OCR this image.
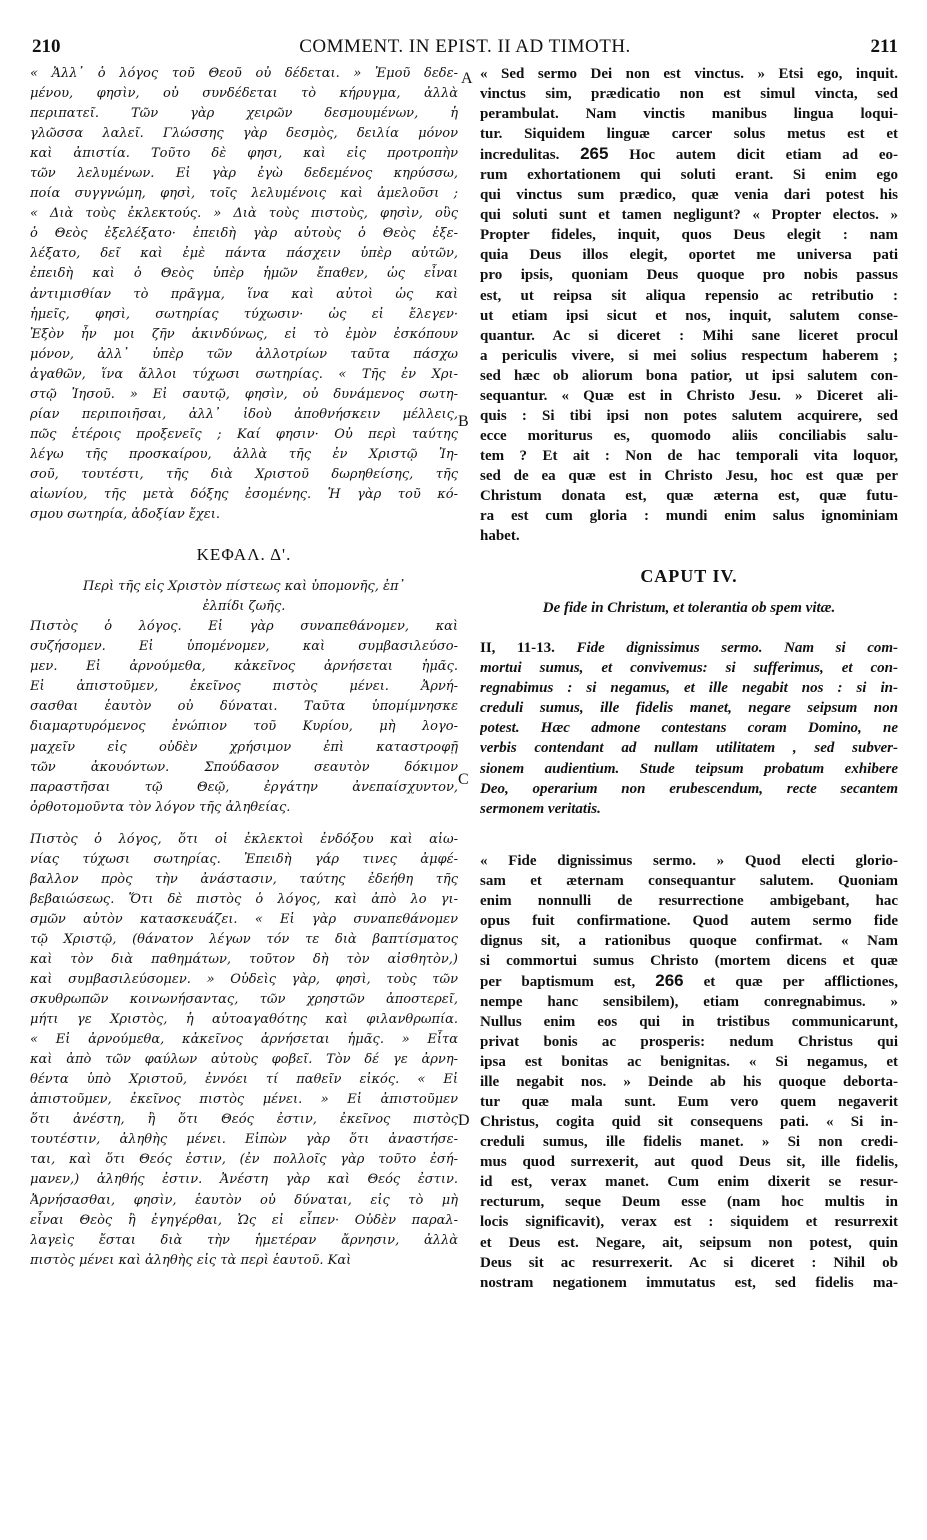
210	COMMENT. IN EPIST. II AD TIMOTH.	211
A
B
C
D
« Ἀλλ᾽ ὁ λόγος τοῦ Θεοῦ οὐ δέδεται. » Ἐμοῦ δεδε-
μένου, φησὶν, οὐ συνδέδεται τὸ κήρυγμα, ἀλλὰ
περιπατεῖ. Τῶν γὰρ χειρῶν δεσμουμένων, ἡ
γλῶσσα λαλεῖ. Γλώσσης γὰρ δεσμὸς, δειλία μόνον
καὶ ἀπιστία. Τοῦτο δὲ φησι, καὶ εἰς προτροπὴν
τῶν λελυμένων. Εἰ γὰρ ἐγὼ δεδεμένος κηρύσσω,
ποία συγγνώμη, φησὶ, τοῖς λελυμένοις καὶ ἀμελοῦσι ;
« Διὰ τοὺς ἐκλεκτούς. » Διὰ τοὺς πιστοὺς, φησὶν, οὓς
ὁ Θεὸς ἐξελέξατο· ἐπειδὴ γὰρ αὐτοὺς ὁ Θεὸς ἐξε-
λέξατο, δεῖ καὶ ἐμὲ πάντα πάσχειν ὑπὲρ αὐτῶν,
ἐπειδὴ καὶ ὁ Θεὸς ὑπὲρ ἡμῶν ἔπαθεν, ὡς εἶναι
ἀντιμισθίαν τὸ πρᾶγμα, ἵνα καὶ αὐτοὶ ὡς καὶ
ἡμεῖς, φησὶ, σωτηρίας τύχωσιν· ὡς εἰ ἔλεγεν·
Ἐξὸν ἦν μοι ζῆν ἀκινδύνως, εἰ τὸ ἐμὸν ἐσκόπουν
μόνον, ἀλλ᾽ ὑπὲρ τῶν ἀλλοτρίων ταῦτα πάσχω
ἀγαθῶν, ἵνα ἄλλοι τύχωσι σωτηρίας. « Τῆς ἐν Χρι-
στῷ Ἰησοῦ. » Εἰ σαυτῷ, φησὶν, οὐ δυνάμενος σωτη-
ρίαν περιποιῆσαι, ἀλλ᾽ ἰδοὺ ἀποθνήσκειν μέλλεις,
πῶς ἑτέροις προξενεῖς ; Καί φησιν· Οὐ περὶ ταύτης
λέγω τῆς προσκαίρου, ἀλλὰ τῆς ἐν Χριστῷ Ἰη-
σοῦ, τουτέστι, τῆς διὰ Χριστοῦ δωρηθείσης, τῆς
αἰωνίου, τῆς μετὰ δόξης ἐσομένης. Ἡ γὰρ τοῦ κό-
σμου σωτηρία, ἀδοξίαν ἔχει.
ΚΕΦΑΛ. Δ'.
Περὶ τῆς εἰς Χριστὸν πίστεως καὶ ὑπομονῆς, ἐπ᾽
ἐλπίδι ζωῆς.
Πιστὸς ὁ λόγος. Εἰ γὰρ συναπεθάνομεν, καὶ
συζήσομεν. Εἰ ὑπομένομεν, καὶ συμβασιλεύσο-
μεν. Εἰ ἀρνούμεθα, κἀκεῖνος ἀρνήσεται ἡμᾶς.
Εἰ ἀπιστοῦμεν, ἐκεῖνος πιστὸς μένει. Ἀρνή-
σασθαι ἑαυτὸν οὐ δύναται. Ταῦτα ὑπομίμνησκε
διαμαρτυρόμενος ἐνώπιον τοῦ Κυρίου, μὴ λογο-
μαχεῖν εἰς οὐδὲν χρήσιμον ἐπὶ καταστροφῇ
τῶν ἀκουόντων. Σπούδασον σεαυτὸν δόκιμον
παραστῆσαι τῷ Θεῷ, ἐργάτην ἀνεπαίσχυντον,
ὀρθοτομοῦντα τὸν λόγον τῆς ἀληθείας.
Πιστὸς ὁ λόγος, ὅτι οἱ ἐκλεκτοὶ ἐνδόξου καὶ αἰω-
νίας τύχωσι σωτηρίας. Ἐπειδὴ γάρ τινες ἀμφέ-
βαλλον πρὸς τὴν ἀνάστασιν, ταύτης ἐδεήθη τῆς
βεβαιώσεως. Ὅτι δὲ πιστὸς ὁ λόγος, καὶ ἀπὸ λο γι-
σμῶν αὐτὸν κατασκευάζει. « Εἰ γὰρ συναπεθάνομεν
τῷ Χριστῷ, (θάνατον λέγων τόν τε διὰ βαπτίσματος
καὶ τὸν διὰ παθημάτων, τοῦτον δὴ τὸν αἰσθητὸν,)
καὶ συμβασιλεύσομεν. » Οὐδεὶς γὰρ, φησὶ, τοὺς τῶν
σκυθρωπῶν κοινωνήσαντας, τῶν χρηστῶν ἀποστερεῖ,
μήτι γε Χριστὸς, ἡ αὐτοαγαθότης καὶ φιλανθρωπία.
« Εἰ ἀρνούμεθα, κἀκεῖνος ἀρνήσεται ἡμᾶς. » Εἶτα
καὶ ἀπὸ τῶν φαύλων αὐτοὺς φοβεῖ. Τὸν δέ γε ἀρνη-
θέντα ὑπὸ Χριστοῦ, ἐννόει τί παθεῖν εἰκός. « Εἰ
ἀπιστοῦμεν, ἐκεῖνος πιστὸς μένει. » Εἰ ἀπιστοῦμεν
ὅτι ἀνέστη, ἢ ὅτι Θεός ἐστιν, ἐκεῖνος πιστὸς
τουτέστιν, ἀληθὴς μένει. Εἰπὼν γὰρ ὅτι ἀναστήσε-
ται, καὶ ὅτι Θεός ἐστιν, (ἐν πολλοῖς γὰρ τοῦτο ἐσή-
μανεν,) ἀληθής ἐστιν. Ἀνέστη γὰρ καὶ Θεός ἐστιν.
Ἀρνήσασθαι, φησὶν, ἑαυτὸν οὐ δύναται, εἰς τὸ μὴ
εἶναι Θεὸς ἢ ἐγηγέρθαι, Ὡς εἰ εἶπεν· Οὐδὲν παραλ-
λαγεὶς ἔσται διὰ τὴν ἡμετέραν ἄρνησιν, ἀλλὰ
πιστὸς μένει καὶ ἀληθὴς εἰς τὰ περὶ ἑαυτοῦ. Καὶ
« Sed sermo Dei non est vinctus. » Etsi ego, inquit.
vinctus sim, prædicatio non est simul vincta, sed
perambulat. Nam vinctis manibus lingua loqui-
tur. Siquidem linguæ carcer solus metus est et
incredulitas. 265 Hoc autem dicit etiam ad eo-
rum exhortationem qui soluti erant. Si enim ego
qui vinctus sum prædico, quæ venia dari potest his
qui soluti sunt et tamen negligunt? « Propter electos. »
Propter fideles, inquit, quos Deus elegit : nam
quia Deus illos elegit, oportet me universa pati
pro ipsis, quoniam Deus quoque pro nobis passus
est, ut reipsa sit aliqua repensio ac retributio :
ut etiam ipsi sicut et nos, inquit, salutem conse-
quantur. Ac si diceret : Mihi sane liceret procul
a periculis vivere, si mei solius respectum haberem ;
sed hæc ob aliorum bona patior, ut ipsi salutem con-
sequantur. « Quæ est in Christo Jesu. » Diceret ali-
quis : Si tibi ipsi non potes salutem acquirere, sed
ecce moriturus es, quomodo aliis conciliabis salu-
tem ? Et ait : Non de hac temporali vita loquor,
sed de ea quæ est in Christo Jesu, hoc est quæ per
Christum donata est, quæ æterna est, quæ futu-
ra est cum gloria : mundi enim salus ignominiam
habet.
CAPUT IV.
De fide in Christum, et tolerantia ob spem vitæ.
II, 11-13. Fide dignissimus sermo. Nam si com-
mortui sumus, et convivemus: si sufferimus, et con-
regnabimus : si negamus, et ille negabit nos : si in-
creduli sumus, ille fidelis manet, negare seipsum non
potest. Hæc admone contestans coram Domino, ne
verbis contendant ad nullam utilitatem , sed subver-
sionem audientium. Stude teipsum probatum exhibere
Deo, operarium non erubescendum, recte secantem
sermonem veritatis.
« Fide dignissimus sermo. » Quod electi glorio-
sam et æternam consequantur salutem. Quoniam
enim nonnulli de resurrectione ambigebant, hac
opus fuit confirmatione. Quod autem sermo fide
dignus sit, a rationibus quoque confirmat. « Nam
si commortui sumus Christo (mortem dicens et quæ
per baptismum est, 266 et quæ per afflictiones,
nempe hanc sensibilem), etiam conregnabimus. »
Nullus enim eos qui in tristibus communicarunt,
privat bonis ac prosperis: nedum Christus qui
ipsa est bonitas ac benignitas. « Si negamus, et
ille negabit nos. » Deinde ab his quoque deborta-
tur quæ mala sunt. Eum vero quem negaverit
Christus, cogita quid sit consequens pati. « Si in-
creduli sumus, ille fidelis manet. » Si non credi-
mus quod surrexerit, aut quod Deus sit, ille fidelis,
id est, verax manet. Cum enim dixerit se resur-
recturum, seque Deum esse (nam hoc multis in
locis significavit), verax est : siquidem et resurrexit
et Deus est. Negare, ait, seipsum non potest, quin
Deus sit ac resurrexerit. Ac si diceret : Nihil ob
nostram negationem immutatus est, sed fidelis ma-
